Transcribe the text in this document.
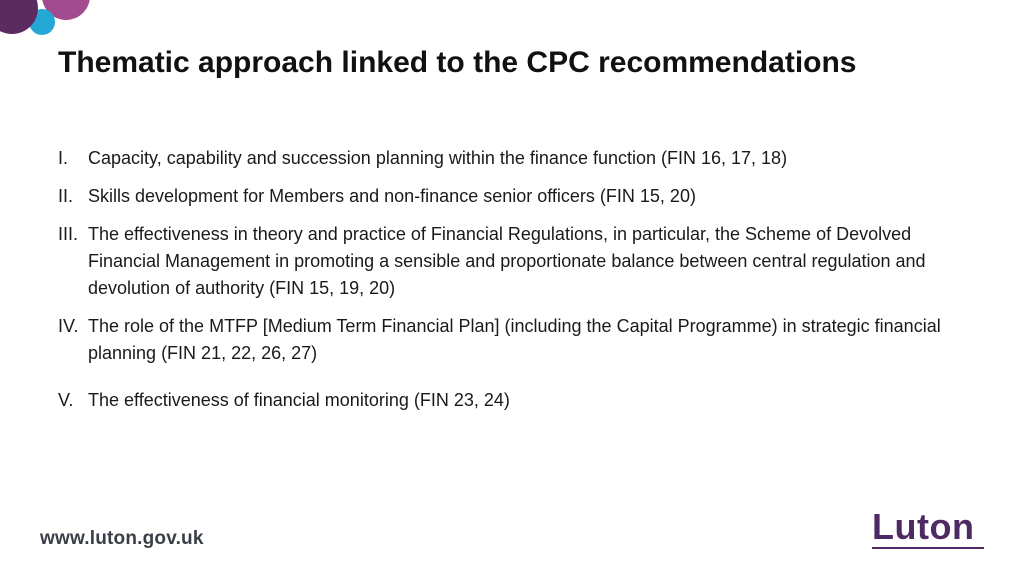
Thematic approach linked to the CPC recommendations
I.	Capacity, capability and succession planning within the finance function (FIN 16, 17, 18)
II. Skills development for Members and non-finance senior officers (FIN 15, 20)
III. The effectiveness in theory and practice of Financial Regulations, in particular, the Scheme of Devolved Financial Management in promoting a sensible and proportionate balance between central regulation and devolution of authority (FIN 15, 19, 20)
IV. The role of the MTFP [Medium Term Financial Plan] (including the Capital Programme) in strategic financial planning (FIN 21, 22, 26, 27)
V. The effectiveness of financial monitoring (FIN 23, 24)
www.luton.gov.uk	Luton
